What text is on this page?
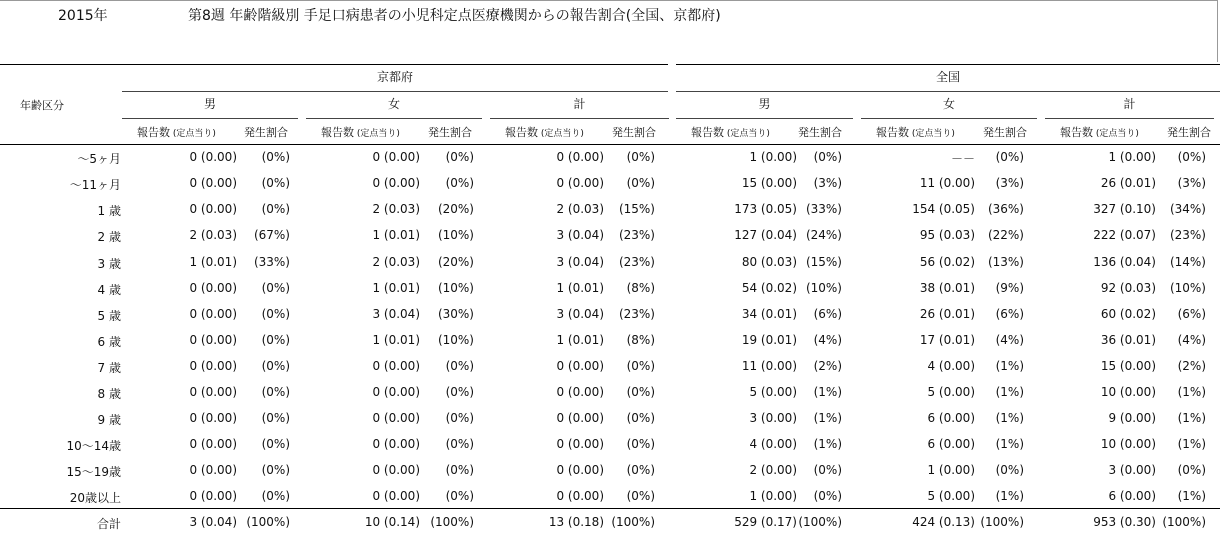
2015年	第8週 年齢階級別 手足口病患者の小児科定点医療機関からの報告割合(全国、京都府)
京都府	全国
年齢区分	男
報告数 (定点当り)	発生割合
女
報告数 (定点当り)	発生割合
計
報告数 (定点当り)	発生割合
男
報告数 (定点当り)	発生割合
女
報告数 (定点当り)	発生割合
計
報告数 (定点当り)	発生割合
～5ヶ月	0 (0.00) (0%)	0 (0.00) (0%)	0 (0.00) (0%)	1 (0.00) (0%)	－－ (0%)	1 (0.00) (0%)
～11ヶ月	0 (0.00) (0%)	0 (0.00) (0%)	0 (0.00) (0%)	15 (0.00) (3%)	11 (0.00) (3%)	26 (0.01) (3%)
1 歳	0 (0.00) (0%)	2 (0.03) (20%)	2 (0.03) (15%)	173 (0.05) (33%)	154 (0.05) (36%)	327 (0.10) (34%)
2 歳	2 (0.03) (67%)	1 (0.01) (10%)	3 (0.04) (23%)	127 (0.04) (24%)	95 (0.03) (22%)	222 (0.07) (23%)
3 歳	1 (0.01) (33%)	2 (0.03) (20%)	3 (0.04) (23%)	80 (0.03) (15%)	56 (0.02) (13%)	136 (0.04) (14%)
4 歳	0 (0.00) (0%)	1 (0.01) (10%)	1 (0.01) (8%)	54 (0.02) (10%)	38 (0.01) (9%)	92 (0.03) (10%)
5 歳	0 (0.00) (0%)	3 (0.04) (30%)	3 (0.04) (23%)	34 (0.01) (6%)	26 (0.01) (6%)	60 (0.02) (6%)
6 歳	0 (0.00) (0%)	1 (0.01) (10%)	1 (0.01) (8%)	19 (0.01) (4%)	17 (0.01) (4%)	36 (0.01) (4%)
7 歳	0 (0.00) (0%)	0 (0.00) (0%)	0 (0.00) (0%)	11 (0.00) (2%)	4 (0.00) (1%)	15 (0.00) (2%)
8 歳	0 (0.00) (0%)	0 (0.00) (0%)	0 (0.00) (0%)	5 (0.00) (1%)	5 (0.00) (1%)	10 (0.00) (1%)
9 歳	0 (0.00) (0%)	0 (0.00) (0%)	0 (0.00) (0%)	3 (0.00) (1%)	6 (0.00) (1%)	9 (0.00) (1%)
10～14歳	0 (0.00) (0%)	0 (0.00) (0%)	0 (0.00) (0%)	4 (0.00) (1%)	6 (0.00) (1%)	10 (0.00) (1%)
15～19歳	0 (0.00) (0%)	0 (0.00) (0%)	0 (0.00) (0%)	2 (0.00) (0%)	1 (0.00) (0%)	3 (0.00) (0%)
20歳以上	0 (0.00) (0%)	0 (0.00) (0%)	0 (0.00) (0%)	1 (0.00) (0%)	5 (0.00) (1%)	6 (0.00) (1%)
合計	3 (0.04) (100%)	10 (0.14) (100%)	13 (0.18) (100%)	529 (0.17) (100%)	424 (0.13) (100%)	953 (0.30) (100%)
